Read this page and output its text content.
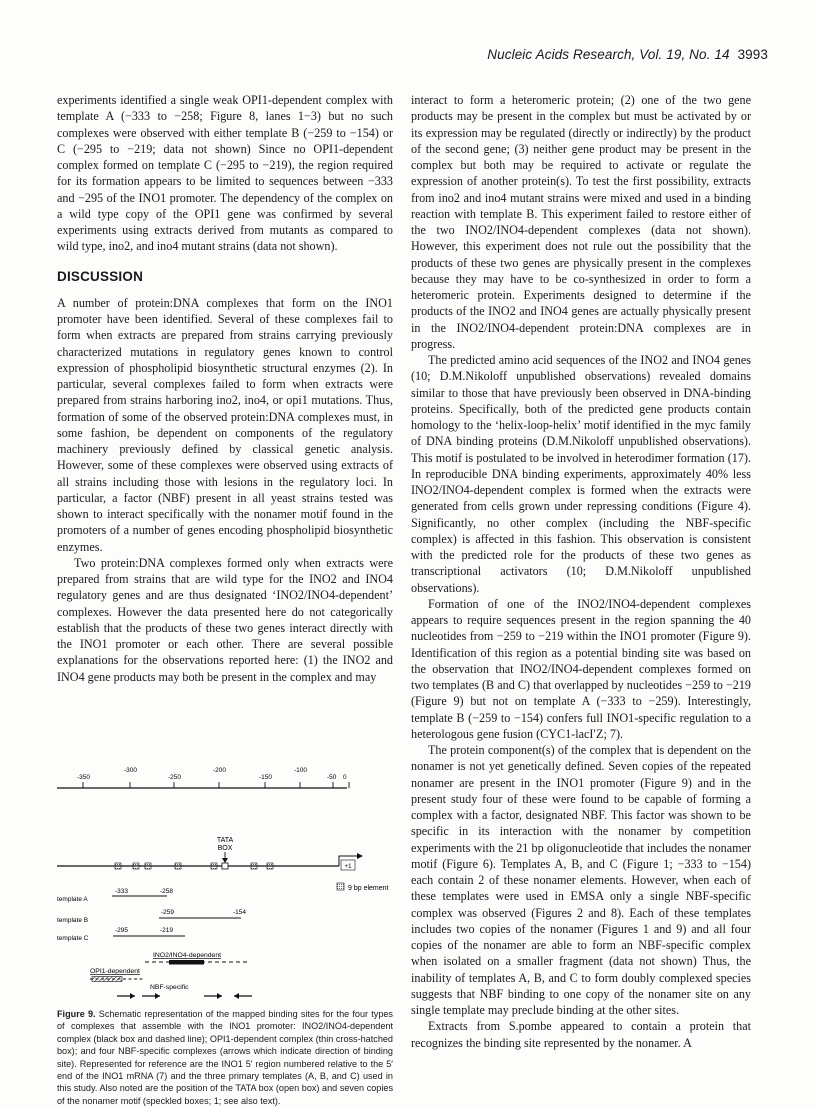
Nucleic Acids Research, Vol. 19, No. 14 3993

experiments identified a single weak OPI1-dependent complex with template A (−333 to −258; Figure 8, lanes 1−3) but no such complexes were observed with either template B (−259 to −154) or C (−295 to −219; data not shown) Since no OPI1-dependent complex formed on template C (−295 to −219), the region required for its formation appears to be limited to sequences between −333 and −295 of the INO1 promoter. The dependency of the complex on a wild type copy of the OPI1 gene was confirmed by several experiments using extracts derived from mutants as compared to wild type, ino2, and ino4 mutant strains (data not shown).

DISCUSSION

A number of protein:DNA complexes that form on the INO1 promoter have been identified. Several of these complexes fail to form when extracts are prepared from strains carrying previously characterized mutations in regulatory genes known to control expression of phospholipid biosynthetic structural enzymes (2). In particular, several complexes failed to form when extracts were prepared from strains harboring ino2, ino4, or opi1 mutations. Thus, formation of some of the observed protein:DNA complexes must, in some fashion, be dependent on components of the regulatory machinery previously defined by classical genetic analysis. However, some of these complexes were observed using extracts of all strains including those with lesions in the regulatory loci. In particular, a factor (NBF) present in all yeast strains tested was shown to interact specifically with the nonamer motif found in the promoters of a number of genes encoding phospholipid biosynthetic enzymes.

Two protein:DNA complexes formed only when extracts were prepared from strains that are wild type for the INO2 and INO4 regulatory genes and are thus designated ‘INO2/INO4-dependent’ complexes. However the data presented here do not categorically establish that the products of these two genes interact directly with the INO1 promoter or each other. There are several possible explanations for the observations reported here: (1) the INO2 and INO4 gene products may both be present in the complex and may

interact to form a heteromeric protein; (2) one of the two gene products may be present in the complex but must be activated by or its expression may be regulated (directly or indirectly) by the product of the second gene; (3) neither gene product may be present in the complex but both may be required to activate or regulate the expression of another protein(s). To test the first possibility, extracts from ino2 and ino4 mutant strains were mixed and used in a binding reaction with template B. This experiment failed to restore either of the two INO2/INO4-dependent complexes (data not shown). However, this experiment does not rule out the possibility that the products of these two genes are physically present in the complexes because they may have to be co-synthesized in order to form a heteromeric protein. Experiments designed to determine if the products of the INO2 and INO4 genes are actually physically present in the INO2/INO4-dependent protein:DNA complexes are in progress.

The predicted amino acid sequences of the INO2 and INO4 genes (10; D.M.Nikoloff unpublished observations) revealed domains similar to those that have previously been observed in DNA-binding proteins. Specifically, both of the predicted gene products contain homology to the ‘helix-loop-helix’ motif identified in the myc family of DNA binding proteins (D.M.Nikoloff unpublished observations). This motif is postulated to be involved in heterodimer formation (17). In reproducible DNA binding experiments, approximately 40% less INO2/INO4-dependent complex is formed when the extracts were generated from cells grown under repressing conditions (Figure 4). Significantly, no other complex (including the NBF-specific complex) is affected in this fashion. This observation is consistent with the predicted role for the products of these two genes as transcriptional activators (10; D.M.Nikoloff unpublished observations).

Formation of one of the INO2/INO4-dependent complexes appears to require sequences present in the region spanning the 40 nucleotides from −259 to −219 within the INO1 promoter (Figure 9). Identification of this region as a potential binding site was based on the observation that INO2/INO4-dependent complexes formed on two templates (B and C) that overlapped by nucleotides −259 to −219 (Figure 9) but not on template A (−333 to −259). Interestingly, template B (−259 to −154) confers full INO1-specific regulation to a heterologous gene fusion (CYC1-lacI′Z; 7).

The protein component(s) of the complex that is dependent on the nonamer is not yet genetically defined. Seven copies of the repeated nonamer are present in the INO1 promoter (Figure 9) and in the present study four of these were found to be capable of forming a complex with a factor, designated NBF. This factor was shown to be specific in its interaction with the nonamer by competition experiments with the 21 bp oligonucleotide that includes the nonamer motif (Figure 6). Templates A, B, and C (Figure 1; −333 to −154) each contain 2 of these nonamer elements. However, when each of these templates were used in EMSA only a single NBF-specific complex was observed (Figures 2 and 8). Each of these templates includes two copies of the nonamer (Figures 1 and 9) and all four copies of the nonamer are able to form an NBF-specific complex when isolated on a smaller fragment (data not shown) Thus, the inability of templates A, B, and C to form doubly complexed species suggests that NBF binding to one copy of the nonamer site on any single template may preclude binding at the other sites.

Extracts from S.pombe appeared to contain a protein that recognizes the binding site represented by the nonamer. A

-350
-300
-250
-200
-150
-100
-50 0
TATA
BOX
+1
9 bp element
template A
-333	-258
template B
-259	-154
template C
-295	-219
INO2/INO4-dependent
OPI1-dependent
NBF-specific
Figure 9. Schematic representation of the mapped binding sites for the four types of complexes that assemble with the INO1 promoter: INO2/INO4-dependent complex (black box and dashed line); OPI1-dependent complex (thin cross-hatched box); and four NBF-specific complexes (arrows which indicate direction of binding site). Represented for reference are the INO1 5′ region numbered relative to the 5′ end of the INO1 mRNA (7) and the three primary templates (A, B, and C) used in this study. Also noted are the position of the TATA box (open box) and seven copies of the nonamer motif (speckled boxes; 1; see also text).
